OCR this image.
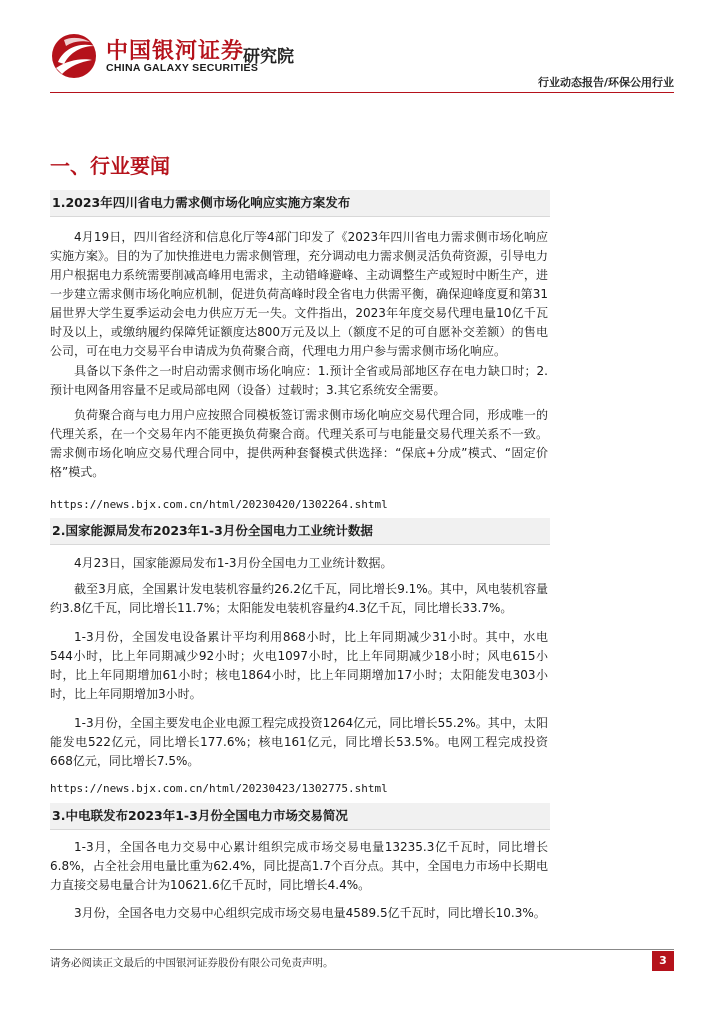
中国银河证券
CHINA GALAXY SECURITIES
研究院
行业动态报告/环保公用行业
一、行业要闻
1.2023年四川省电力需求侧市场化响应实施方案发布

4月19日，四川省经济和信息化厅等4部门印发了《2023年四川省电力需求侧市场化响应实施方案》。目的为了加快推进电力需求侧管理，充分调动电力需求侧灵活负荷资源，引导电力用户根据电力系统需要削减高峰用电需求，主动错峰避峰、主动调整生产或短时中断生产，进一步建立需求侧市场化响应机制，促进负荷高峰时段全省电力供需平衡，确保迎峰度夏和第31届世界大学生夏季运动会电力供应万无一失。文件指出，2023年年度交易代理电量10亿千瓦时及以上，或缴纳履约保障凭证额度达800万元及以上（额度不足的可自愿补交差额）的售电公司，可在电力交易平台申请成为负荷聚合商，代理电力用户参与需求侧市场化响应。

具备以下条件之一时启动需求侧市场化响应：1.预计全省或局部地区存在电力缺口时；2.预计电网备用容量不足或局部电网（设备）过载时；3.其它系统安全需要。

负荷聚合商与电力用户应按照合同模板签订需求侧市场化响应交易代理合同，形成唯一的代理关系，在一个交易年内不能更换负荷聚合商。代理关系可与电能量交易代理关系不一致。需求侧市场化响应交易代理合同中，提供两种套餐模式供选择：“保底+分成”模式、“固定价格”模式。

https://news.bjx.com.cn/html/20230420/1302264.shtml
2.国家能源局发布2023年1-3月份全国电力工业统计数据

4月23日，国家能源局发布1-3月份全国电力工业统计数据。

截至3月底，全国累计发电装机容量约26.2亿千瓦，同比增长9.1%。其中，风电装机容量约3.8亿千瓦，同比增长11.7%；太阳能发电装机容量约4.3亿千瓦，同比增长33.7%。

1-3月份，全国发电设备累计平均利用868小时，比上年同期减少31小时。其中，水电544小时，比上年同期减少92小时；火电1097小时，比上年同期减少18小时；风电615小时，比上年同期增加61小时；核电1864小时，比上年同期增加17小时；太阳能发电303小时，比上年同期增加3小时。

1-3月份，全国主要发电企业电源工程完成投资1264亿元，同比增长55.2%。其中，太阳能发电522亿元，同比增长177.6%；核电161亿元，同比增长53.5%。电网工程完成投资668亿元，同比增长7.5%。

https://news.bjx.com.cn/html/20230423/1302775.shtml
3.中电联发布2023年1-3月份全国电力市场交易简况

1-3月，全国各电力交易中心累计组织完成市场交易电量13235.3亿千瓦时，同比增长6.8%，占全社会用电量比重为62.4%，同比提高1.7个百分点。其中，全国电力市场中长期电力直接交易电量合计为10621.6亿千瓦时，同比增长4.4%。

3月份，全国各电力交易中心组织完成市场交易电量4589.5亿千瓦时，同比增长10.3%。

请务必阅读正文最后的中国银河证券股份有限公司免责声明。	3
